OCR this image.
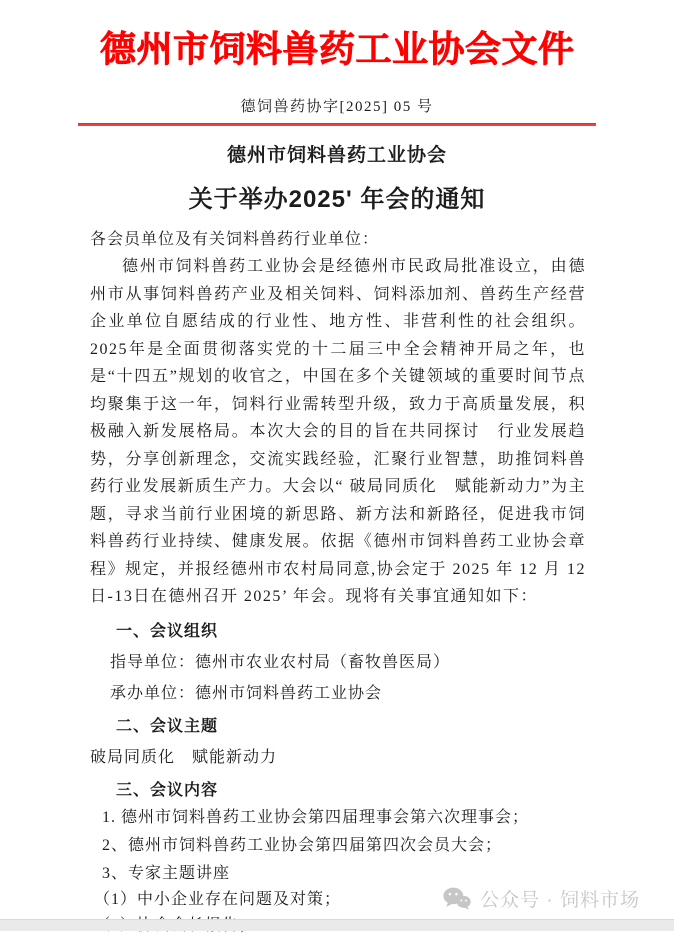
德州市饲料兽药工业协会文件
德饲兽药协字[2025] 05 号
德州市饲料兽药工业协会
关于举办2025' 年会的通知
各会员单位及有关饲料兽药行业单位：

德州市饲料兽药工业协会是经德州市民政局批准设立，由德州市从事饲料兽药产业及相关饲料、饲料添加剂、兽药生产经营企业单位自愿结成的行业性、地方性、非营利性的社会组织。2025年是全面贯彻落实党的十二届三中全会精神开局之年，也是“十四五”规划的收官之，中国在多个关键领域的重要时间节点均聚集于这一年，饲料行业需转型升级，致力于高质量发展，积极融入新发展格局。本次大会的目的旨在共同探讨　行业发展趋势，分享创新理念，交流实践经验，汇聚行业智慧，助推饲料兽药行业发展新质生产力。大会以“ 破局同质化　赋能新动力”为主题，寻求当前行业困境的新思路、新方法和新路径，促进我市饲料兽药行业持续、健康发展。依据《德州市饲料兽药工业协会章程》规定，并报经德州市农村局同意,协会定于 2025 年 12 月 12 日-13日在德州召开 2025’ 年会。现将有关事宜通知如下：

一、会议组织
指导单位：德州市农业农村局（畜牧兽医局）
承办单位：德州市饲料兽药工业协会
二、会议主题
破局同质化　赋能新动力
三、会议内容
1. 德州市饲料兽药工业协会第四届理事会第六次理事会；
2、德州市饲料兽药工业协会第四届第四次会员大会；
3、专家主题讲座
（1）中小企业存在问题及对策；	公众号 · 饲料市场
